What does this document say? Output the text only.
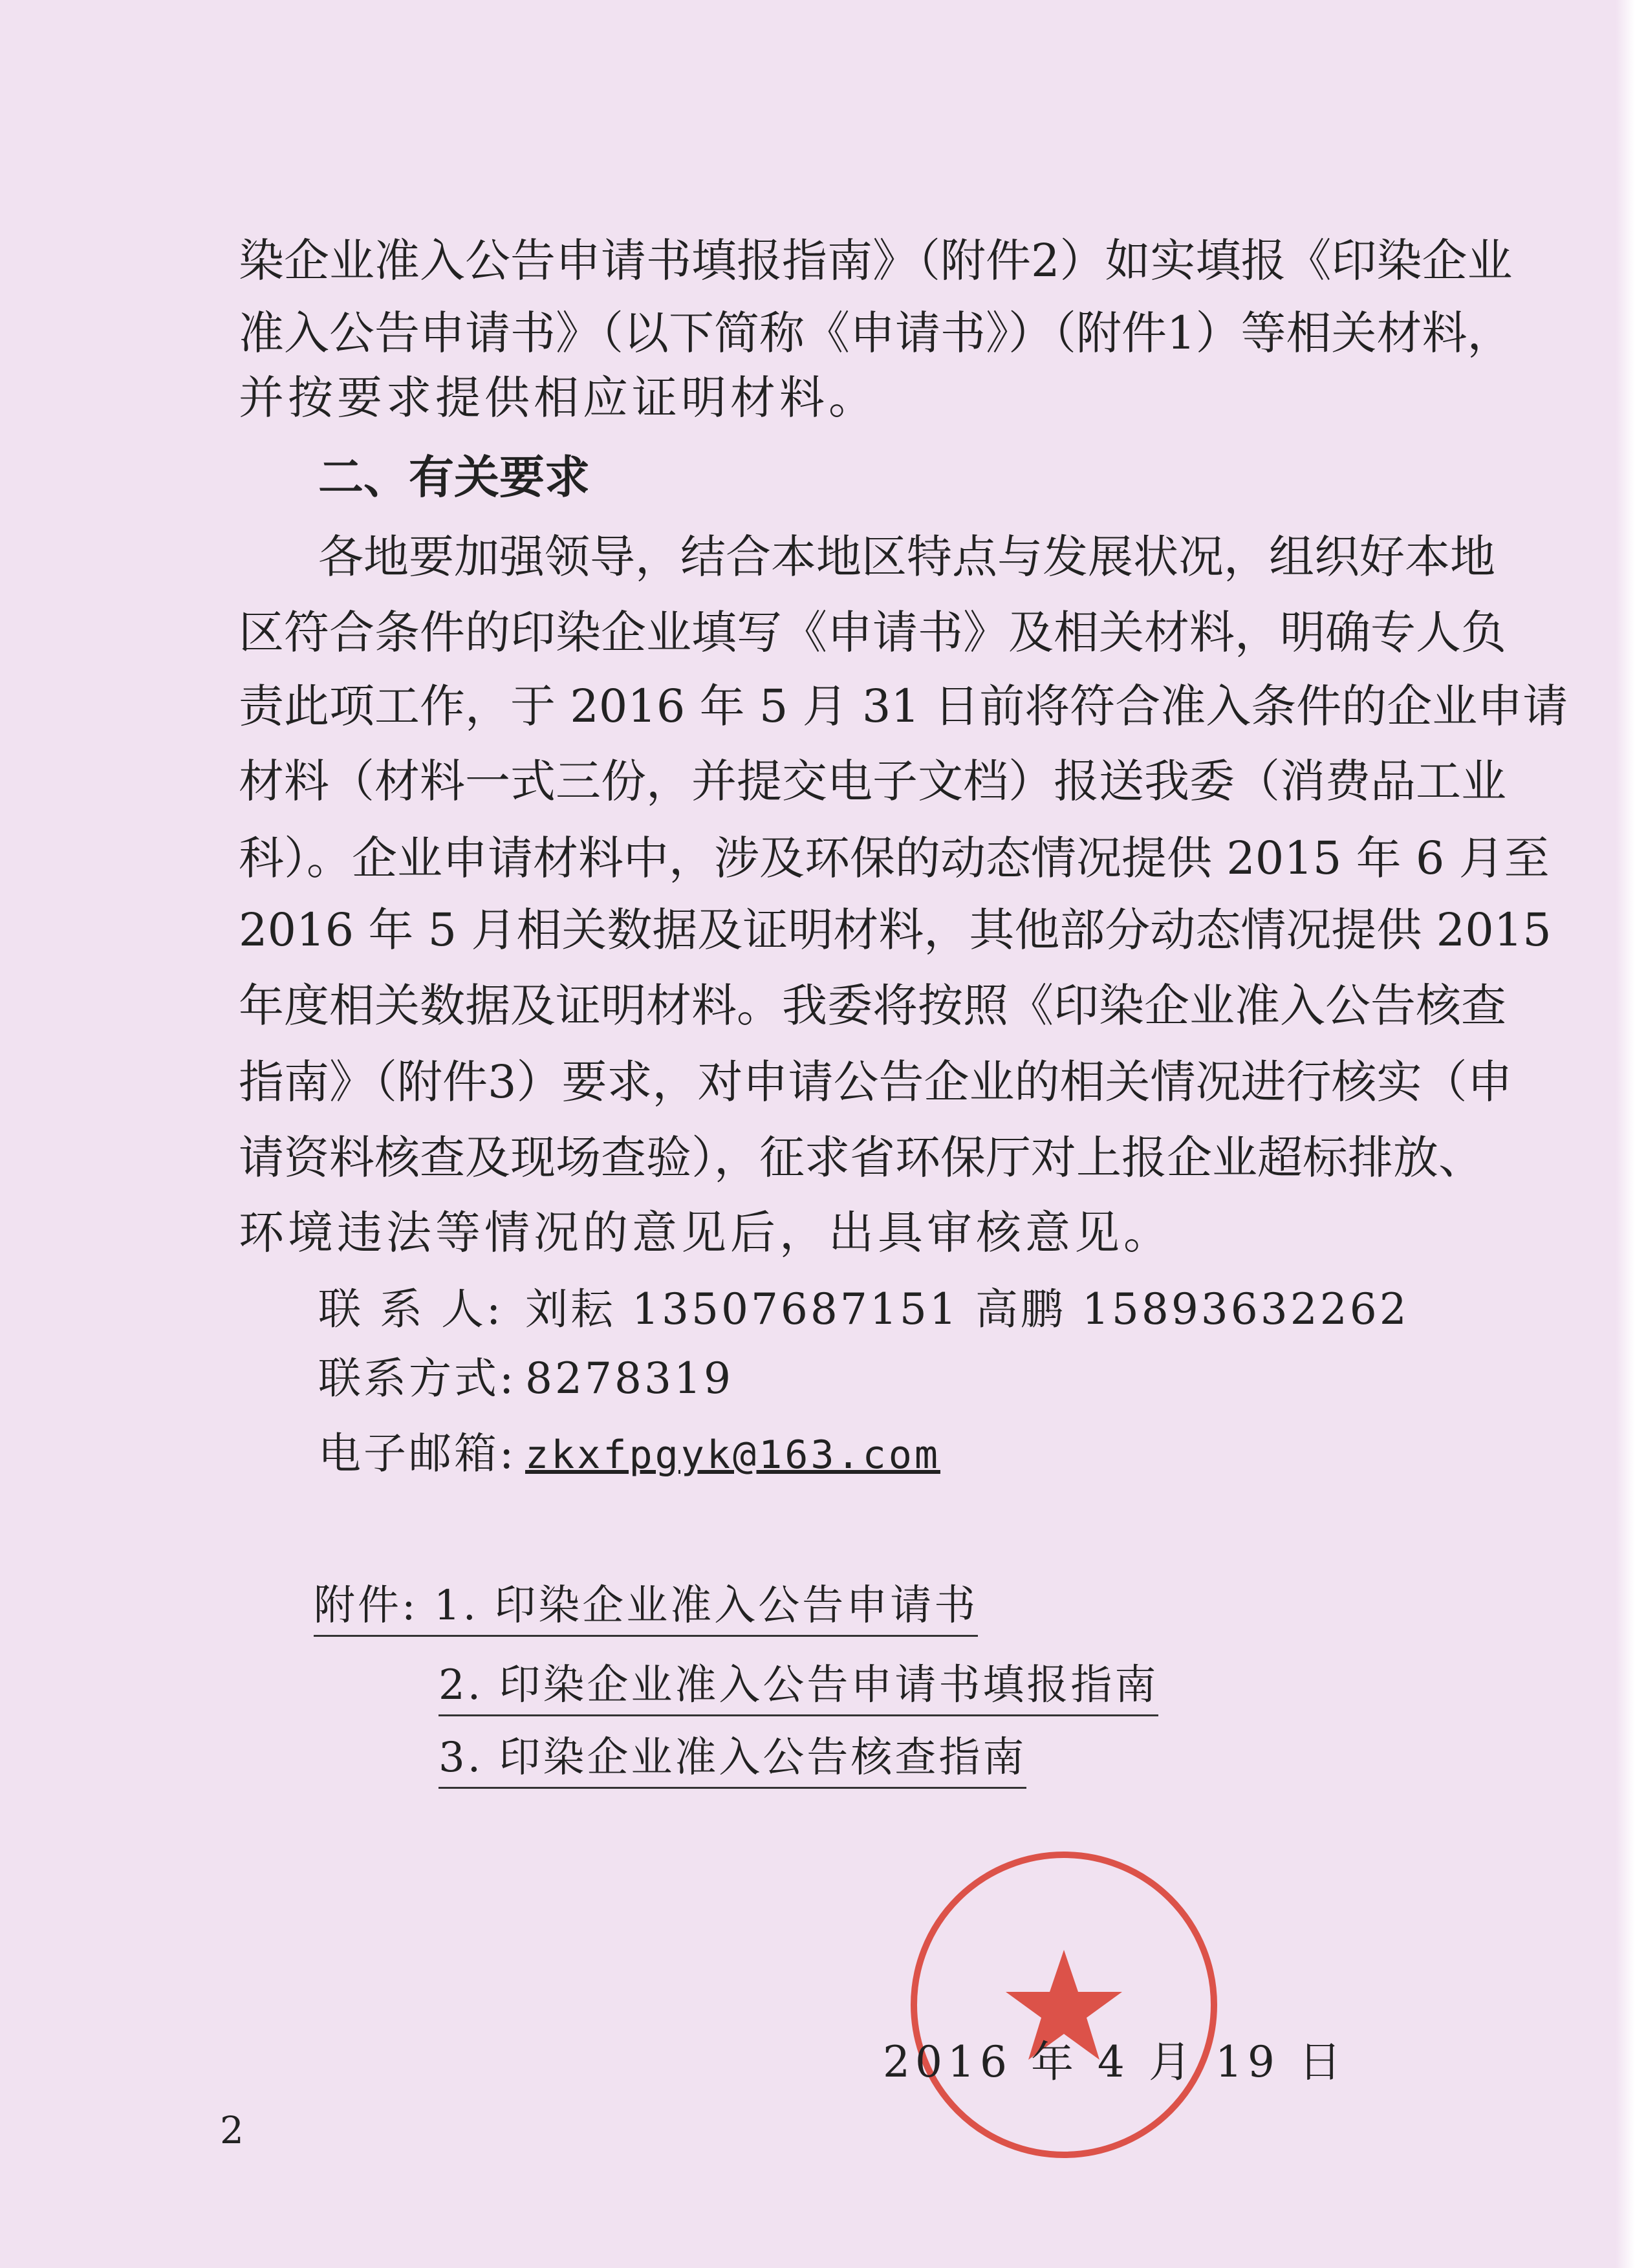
染企业准入公告申请书填报指南》（附件2）如实填报《印染企业
准入公告申请书》（以下简称《申请书》）（附件1）等相关材料，
并按要求提供相应证明材料。
二、有关要求
各地要加强领导，结合本地区特点与发展状况，组织好本地
区符合条件的印染企业填写《申请书》及相关材料，明确专人负
责此项工作，于 2016 年 5 月 31 日前将符合准入条件的企业申请
材料（材料一式三份，并提交电子文档）报送我委（消费品工业
科）。企业申请材料中，涉及环保的动态情况提供 2015 年 6 月至
2016 年 5 月相关数据及证明材料，其他部分动态情况提供 2015
年度相关数据及证明材料。我委将按照《印染企业准入公告核查
指南》（附件3）要求，对申请公告企业的相关情况进行核实（申
请资料核查及现场查验），征求省环保厅对上报企业超标排放、
环境违法等情况的意见后，出具审核意见。
联 系 人: 刘耘 13507687151 高鹏 15893632262
联系方式: 8278319
电子邮箱: zkxfpgyk@163.com
附件: 1. 印染企业准入公告申请书
2. 印染企业准入公告申请书填报指南
3. 印染企业准入公告核查指南
2016 年 4 月 19 日
2
